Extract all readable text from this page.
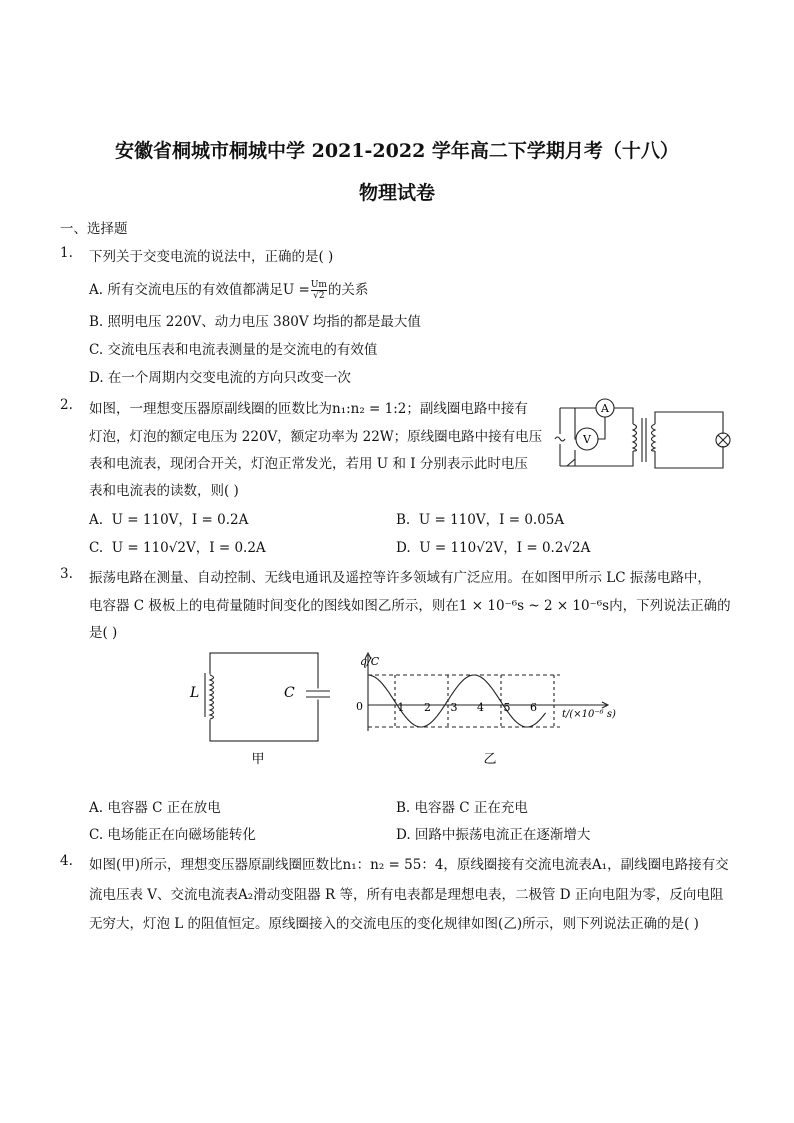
安徽省桐城市桐城中学 2021-2022 学年高二下学期月考（十八）
物理试卷
一、选择题
1. 下列关于交变电流的说法中，正确的是( )
A. 所有交流电压的有效值都满足$U = \frac{Um}{√2}$ 的关系
B. 照明电压 220V、动力电压 380V 均指的都是最大值
C. 交流电压表和电流表测量的是交流电的有效值
D. 在一个周期内交变电流的方向只改变一次
2. 如图，一理想变压器原副线圈的匝数比为n₁:n₂ = 1:2；副线圈电路中接有
灯泡，灯泡的额定电压为 220V，额定功率为 22W；原线圈电路中接有电压
表和电流表，现闭合开关，灯泡正常发光，若用 U 和 I 分别表示此时电压
表和电流表的读数，则( )
A. U = 110V，I = 0.2A	B. U = 110V，I = 0.05A
C. U = 110√2V，I = 0.2A	D. U = 110√2V，I = 0.2√2A
A
V
3. 振荡电路在测量、自动控制、无线电通讯及遥控等许多领域有广泛应用。在如图甲所示 LC 振荡电路中，
电容器 C 极板上的电荷量随时间变化的图线如图乙所示，则在1 × 10⁻⁶s ~ 2 × 10⁻⁶s内，下列说法正确的
是( )
L	C
甲
1 2 3 4 5 6
q/C
0
t/(×10⁻⁶ s)
乙
A. 电容器 C 正在放电	B. 电容器 C 正在充电
C. 电场能正在向磁场能转化	D. 回路中振荡电流正在逐渐增大
4. 如图(甲)所示，理想变压器原副线圈匝数比n₁：n₂ = 55：4，原线圈接有交流电流表A₁，副线圈电路接有交
流电压表 V、交流电流表A₂滑动变阻器 R 等，所有电表都是理想电表，二极管 D 正向电阻为零，反向电阻
无穷大，灯泡 L 的阻值恒定。原线圈接入的交流电压的变化规律如图(乙)所示，则下列说法正确的是( )
